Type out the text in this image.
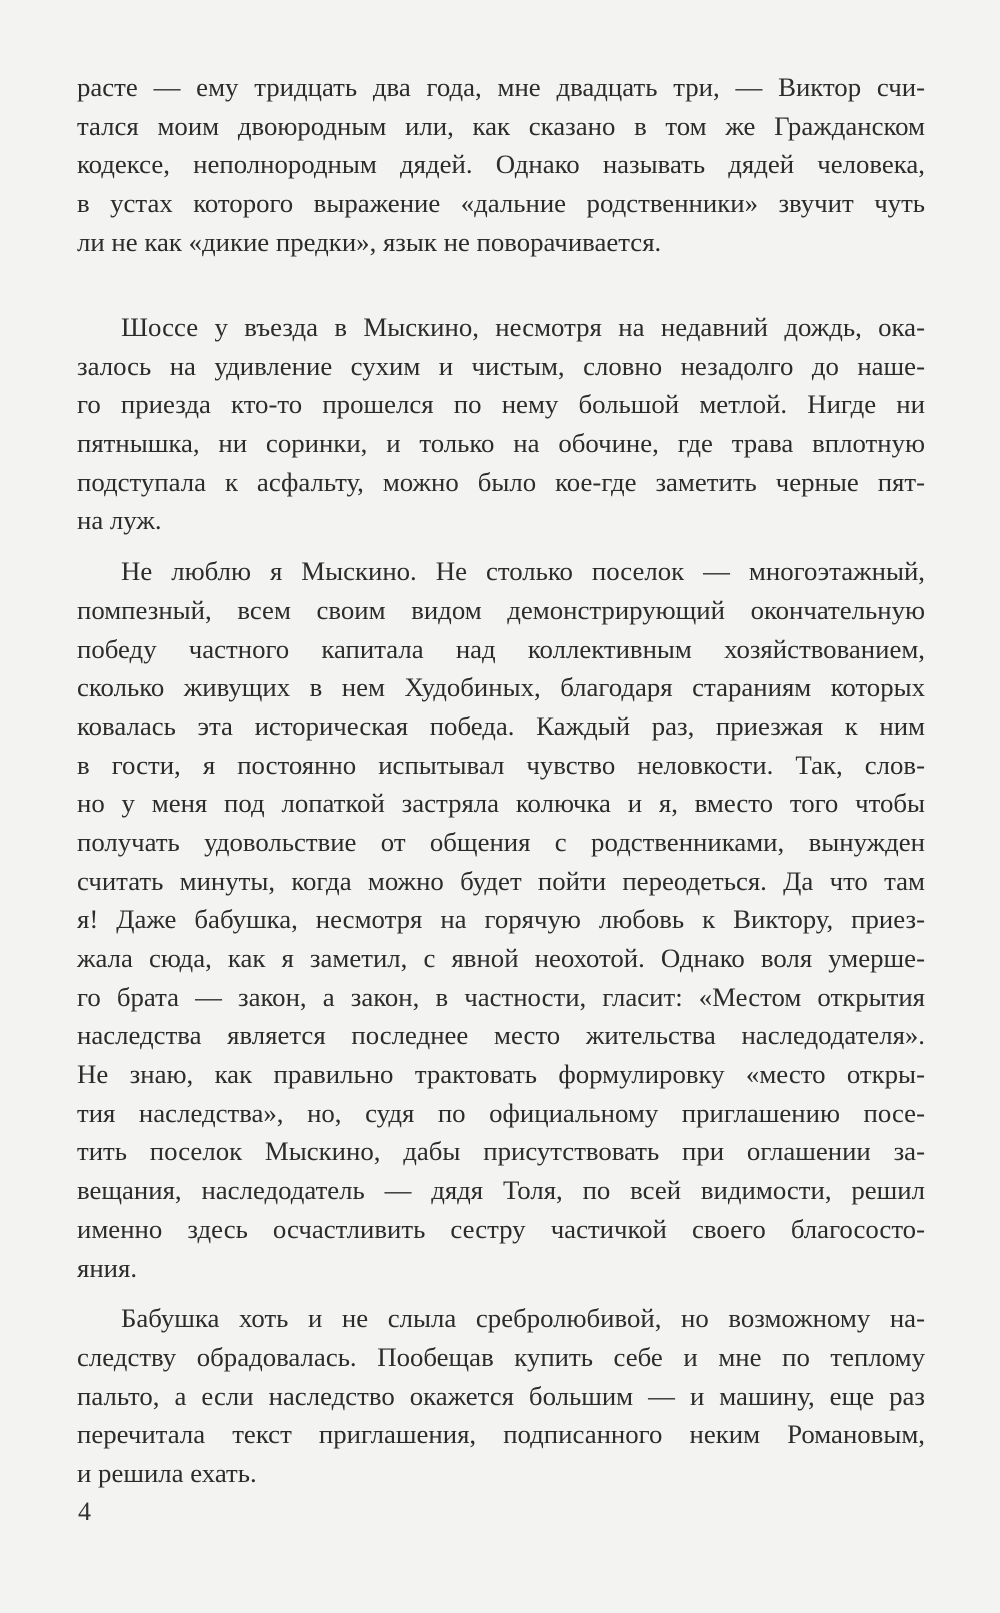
расте — ему тридцать два года, мне двадцать три, — Виктор счи-
тался моим двоюродным или, как сказано в том же Гражданском
кодексе, неполнородным дядей. Однако называть дядей человека,
в устах которого выражение «дальние родственники» звучит чуть
ли не как «дикие предки», язык не поворачивается.
Шоссе у въезда в Мыскино, несмотря на недавний дождь, ока-
залось на удивление сухим и чистым, словно незадолго до наше-
го приезда кто-то прошелся по нему большой метлой. Нигде ни
пятнышка, ни соринки, и только на обочине, где трава вплотную
подступала к асфальту, можно было кое-где заметить черные пят-
на луж.
Не люблю я Мыскино. Не столько поселок — многоэтажный,
помпезный, всем своим видом демонстрирующий окончательную
победу частного капитала над коллективным хозяйствованием,
сколько живущих в нем Худобиных, благодаря стараниям которых
ковалась эта историческая победа. Каждый раз, приезжая к ним
в гости, я постоянно испытывал чувство неловкости. Так, слов-
но у меня под лопаткой застряла колючка и я, вместо того чтобы
получать удовольствие от общения с родственниками, вынужден
считать минуты, когда можно будет пойти переодеться. Да что там
я! Даже бабушка, несмотря на горячую любовь к Виктору, приез-
жала сюда, как я заметил, с явной неохотой. Однако воля умерше-
го брата — закон, а закон, в частности, гласит: «Местом открытия
наследства является последнее место жительства наследодателя».
Не знаю, как правильно трактовать формулировку «место откры-
тия наследства», но, судя по официальному приглашению посе-
тить поселок Мыскино, дабы присутствовать при оглашении за-
вещания, наследодатель — дядя Толя, по всей видимости, решил
именно здесь осчастливить сестру частичкой своего благососто-
яния.
Бабушка хоть и не слыла сребролюбивой, но возможному на-
следству обрадовалась. Пообещав купить себе и мне по теплому
пальто, а если наследство окажется большим — и машину, еще раз
перечитала текст приглашения, подписанного неким Романовым,
и решила ехать.
4
